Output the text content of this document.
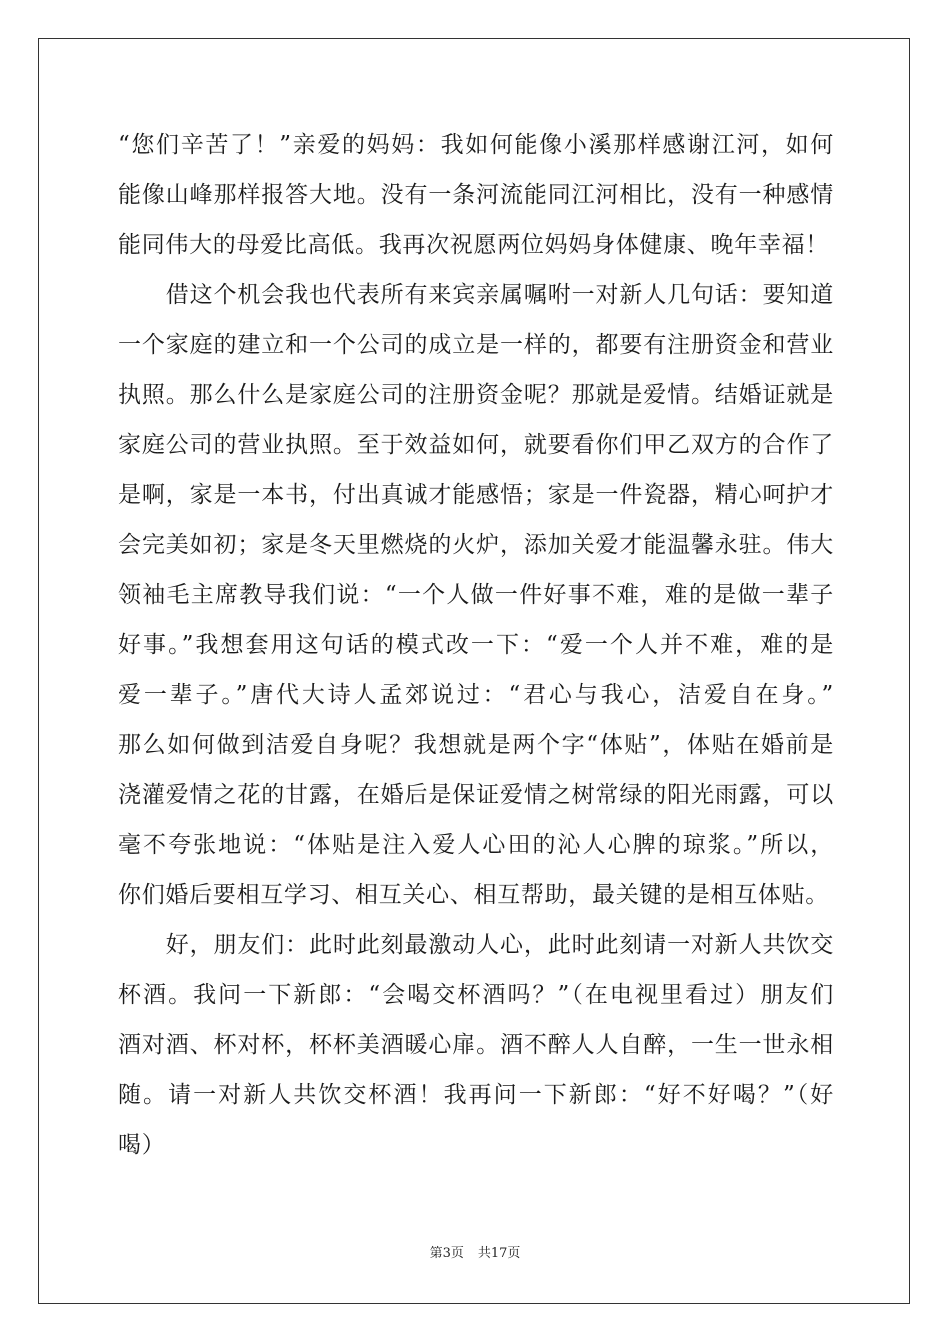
“您们辛苦了！”亲爱的妈妈：我如何能像小溪那样感谢江河，如何
能像山峰那样报答大地。没有一条河流能同江河相比，没有一种感情
能同伟大的母爱比高低。我再次祝愿两位妈妈身体健康、晚年幸福！
　　借这个机会我也代表所有来宾亲属嘱咐一对新人几句话：要知道
一个家庭的建立和一个公司的成立是一样的，都要有注册资金和营业
执照。那么什么是家庭公司的注册资金呢？那就是爱情。结婚证就是
家庭公司的营业执照。至于效益如何，就要看你们甲乙双方的合作了
是啊，家是一本书，付出真诚才能感悟；家是一件瓷器，精心呵护才
会完美如初；家是冬天里燃烧的火炉，添加关爱才能温馨永驻。伟大
领袖毛主席教导我们说：“一个人做一件好事不难，难的是做一辈子
好事。”我想套用这句话的模式改一下：“爱一个人并不难，难的是
爱一辈子。”唐代大诗人孟郊说过：“君心与我心，洁爱自在身。”
那么如何做到洁爱自身呢？我想就是两个字“体贴”，体贴在婚前是
浇灌爱情之花的甘露，在婚后是保证爱情之树常绿的阳光雨露，可以
毫不夸张地说：“体贴是注入爱人心田的沁人心脾的琼浆。”所以，
你们婚后要相互学习、相互关心、相互帮助，最关键的是相互体贴。
　　好，朋友们：此时此刻最激动人心，此时此刻请一对新人共饮交
杯酒。我问一下新郎：“会喝交杯酒吗？”（在电视里看过）朋友们
酒对酒、杯对杯，杯杯美酒暖心扉。酒不醉人人自醉，一生一世永相
随。请一对新人共饮交杯酒！我再问一下新郎：“好不好喝？”（好
喝）
第3页 共17页
